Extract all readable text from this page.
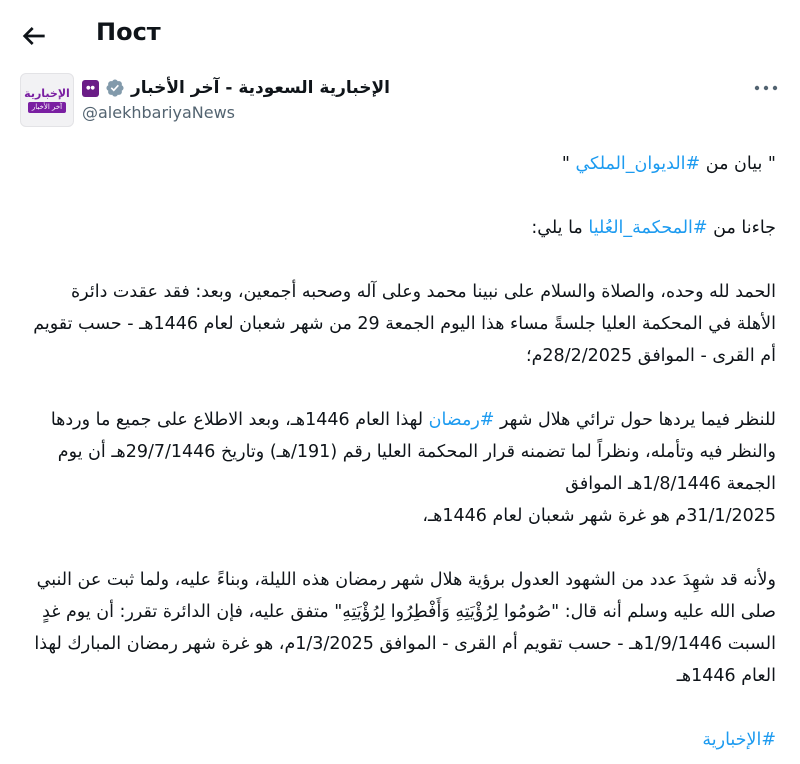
Пост
الإخبارية
آخر الأخبار
●● الإخبارية السعودية - آخر الأخبار
@alekhbariyaNews

" بيان من #الديوان_الملكي "

جاءنا من #المحكمة_العُليا ما يلي:

الحمد لله وحده، والصلاة والسلام على نبينا محمد وعلى آله وصحبه أجمعين، وبعد: فقد عقدت دائرة الأهلة في المحكمة العليا جلسةً مساء هذا اليوم الجمعة 29 من شهر شعبان لعام 1446هـ - حسب تقويم أم القرى - الموافق 28/2/2025م؛

للنظر فيما يردها حول ترائي هلال شهر #رمضان لهذا العام 1446هـ، وبعد الاطلاع على جميع ما وردها والنظر فيه وتأمله، ونظراً لما تضمنه قرار المحكمة العليا رقم (191/هـ) وتاريخ 29/7/1446هـ أن يوم الجمعة 1/8/1446هـ الموافق
31/1/2025م هو غرة شهر شعبان لعام 1446هـ،

ولأنه قد شهِدَ عدد من الشهود العدول برؤية هلال شهر رمضان هذه الليلة، وبناءً عليه، ولما ثبت عن النبي صلى الله عليه وسلم أنه قال: "صُومُوا لِرُؤْيَتِهِ وَأَفْطِرُوا لِرُؤْيَتِهِ" متفق عليه، فإن الدائرة تقرر: أن يوم غدٍ السبت 1/9/1446هـ - حسب تقويم أم القرى - الموافق 1/3/2025م، هو غرة شهر رمضان المبارك لهذا العام 1446هـ

#الإخبارية
